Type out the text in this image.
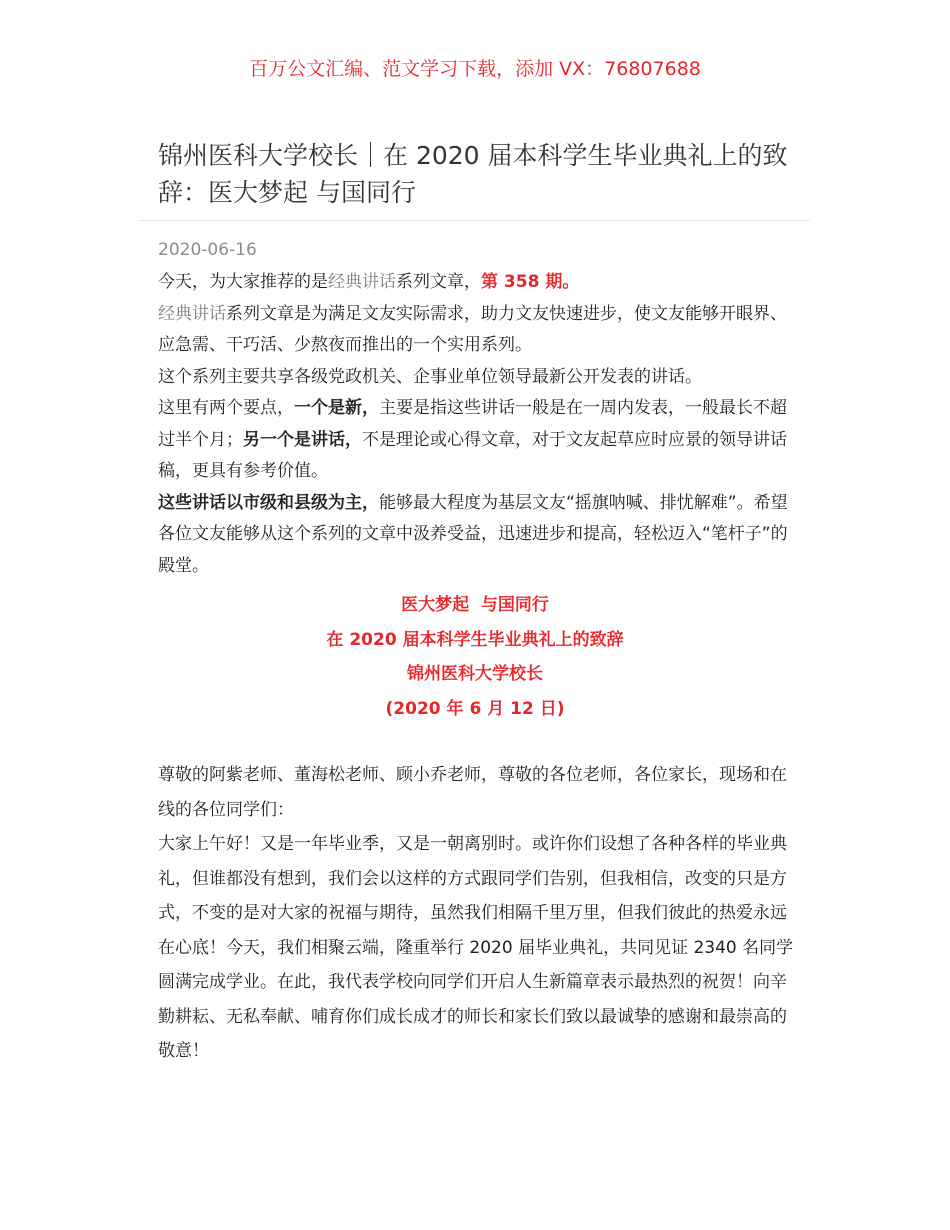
百万公文汇编、范文学习下载，添加 VX：76807688
锦州医科大学校长｜在 2020 届本科学生毕业典礼上的致辞：医大梦起 与国同行
2020-06-16

今天，为大家推荐的是经典讲话系列文章，第 358 期。

经典讲话系列文章是为满足文友实际需求，助力文友快速进步，使文友能够开眼界、应急需、干巧活、少熬夜而推出的一个实用系列。

这个系列主要共享各级党政机关、企事业单位领导最新公开发表的讲话。

这里有两个要点，一个是新，主要是指这些讲话一般是在一周内发表，一般最长不超过半个月；另一个是讲话，不是理论或心得文章，对于文友起草应时应景的领导讲话稿，更具有参考价值。

这些讲话以市级和县级为主，能够最大程度为基层文友“摇旗呐喊、排忧解难”。希望各位文友能够从这个系列的文章中汲养受益，迅速进步和提高，轻松迈入“笔杆子”的殿堂。

医大梦起  与国同行
在 2020 届本科学生毕业典礼上的致辞
锦州医科大学校长
(2020 年 6 月 12 日)

尊敬的阿紫老师、董海松老师、顾小乔老师，尊敬的各位老师，各位家长，现场和在线的各位同学们：

大家上午好！又是一年毕业季，又是一朝离别时。或许你们设想了各种各样的毕业典礼，但谁都没有想到，我们会以这样的方式跟同学们告别，但我相信，改变的只是方式，不变的是对大家的祝福与期待，虽然我们相隔千里万里，但我们彼此的热爱永远在心底！今天，我们相聚云端，隆重举行 2020 届毕业典礼，共同见证 2340 名同学圆满完成学业。在此，我代表学校向同学们开启人生新篇章表示最热烈的祝贺！向辛勤耕耘、无私奉献、哺育你们成长成才的师长和家长们致以最诚挚的感谢和最崇高的敬意！
